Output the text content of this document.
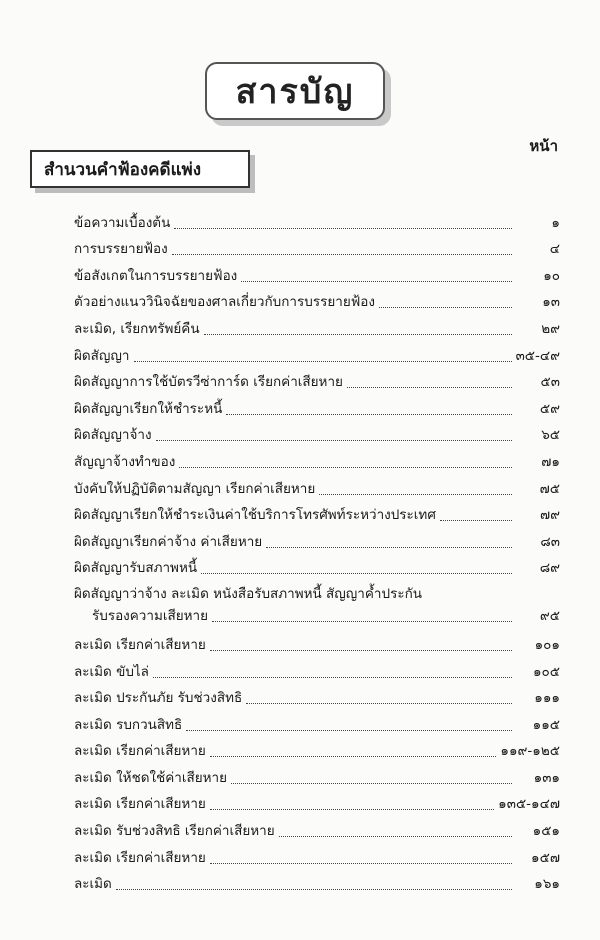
สารบัญ
หน้า
สำนวนคำฟ้องคดีแพ่ง
ข้อความเบื้องต้น	๑
การบรรยายฟ้อง	๔
ข้อสังเกตในการบรรยายฟ้อง	๑๐
ตัวอย่างแนววินิจฉัยของศาลเกี่ยวกับการบรรยายฟ้อง	๑๓
ละเมิด, เรียกทรัพย์คืน	๒๙
ผิดสัญญา	๓๕-๔๙
ผิดสัญญาการใช้บัตรวีซ่าการ์ด เรียกค่าเสียหาย	๕๓
ผิดสัญญาเรียกให้ชำระหนี้	๕๙
ผิดสัญญาจ้าง	๖๕
สัญญาจ้างทำของ	๗๑
บังคับให้ปฏิบัติตามสัญญา เรียกค่าเสียหาย	๗๕
ผิดสัญญาเรียกให้ชำระเงินค่าใช้บริการโทรศัพท์ระหว่างประเทศ	๗๙
ผิดสัญญาเรียกค่าจ้าง ค่าเสียหาย	๘๓
ผิดสัญญารับสภาพหนี้	๘๙
ผิดสัญญาว่าจ้าง ละเมิด หนังสือรับสภาพหนี้ สัญญาค้ำประกัน
รับรองความเสียหาย	๙๕
ละเมิด เรียกค่าเสียหาย	๑๐๑
ละเมิด ขับไล่	๑๐๕
ละเมิด ประกันภัย รับช่วงสิทธิ	๑๑๑
ละเมิด รบกวนสิทธิ	๑๑๕
ละเมิด เรียกค่าเสียหาย	๑๑๙-๑๒๕
ละเมิด ให้ชดใช้ค่าเสียหาย	๑๓๑
ละเมิด เรียกค่าเสียหาย	๑๓๕-๑๔๗
ละเมิด รับช่วงสิทธิ เรียกค่าเสียหาย	๑๕๑
ละเมิด เรียกค่าเสียหาย	๑๕๗
ละเมิด	๑๖๑
